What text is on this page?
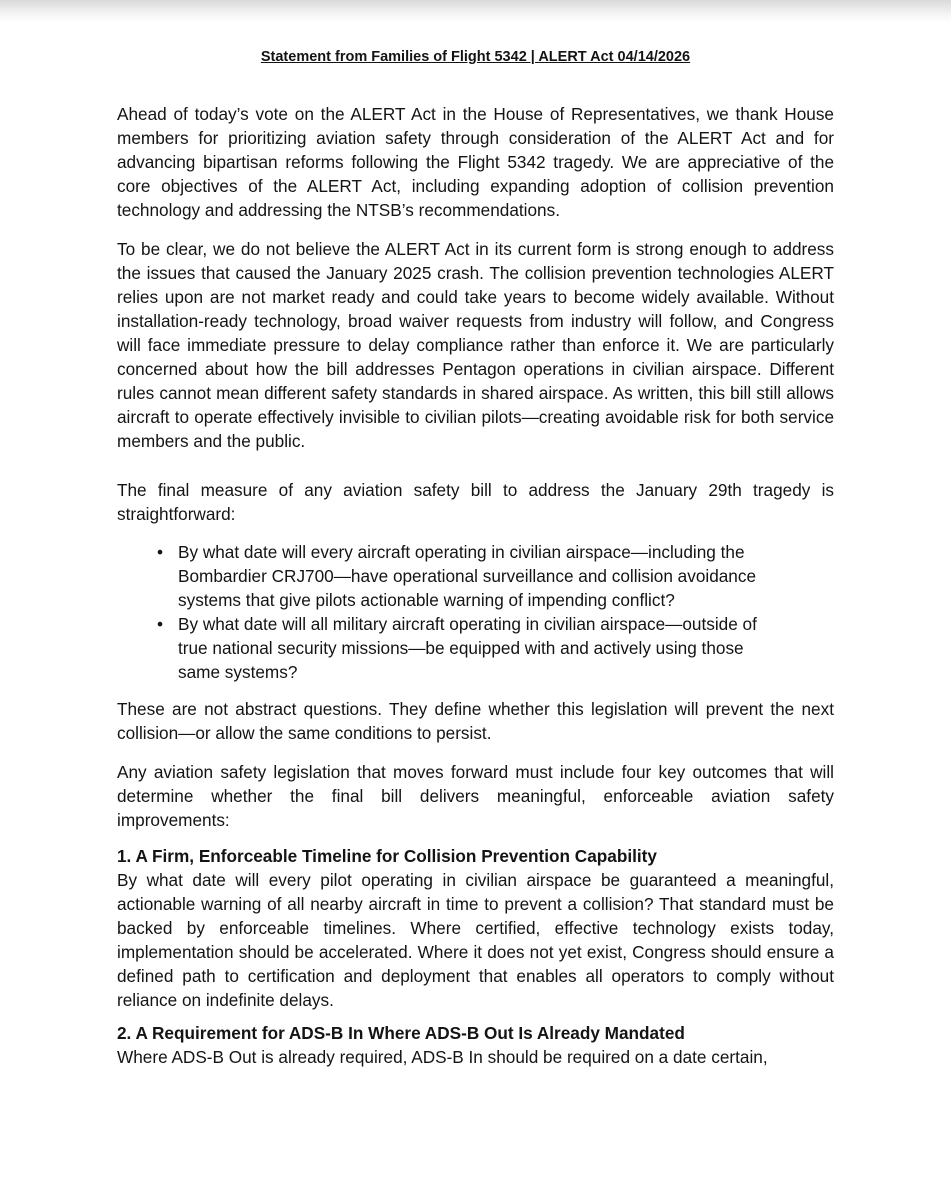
Statement from Families of Flight 5342 | ALERT Act 04/14/2026

Ahead of today’s vote on the ALERT Act in the House of Representatives, we thank House members for prioritizing aviation safety through consideration of the ALERT Act and for advancing bipartisan reforms following the Flight 5342 tragedy. We are appreciative of the core objectives of the ALERT Act, including expanding adoption of collision prevention technology and addressing the NTSB’s recommendations.

To be clear, we do not believe the ALERT Act in its current form is strong enough to address the issues that caused the January 2025 crash. The collision prevention technologies ALERT relies upon are not market ready and could take years to become widely available. Without installation-ready technology, broad waiver requests from industry will follow, and Congress will face immediate pressure to delay compliance rather than enforce it. We are particularly concerned about how the bill addresses Pentagon operations in civilian airspace. Different rules cannot mean different safety standards in shared airspace. As written, this bill still allows aircraft to operate effectively invisible to civilian pilots—creating avoidable risk for both service members and the public.

The final measure of any aviation safety bill to address the January 29th tragedy is straightforward:

• By what date will every aircraft operating in civilian airspace—including the Bombardier CRJ700—have operational surveillance and collision avoidance systems that give pilots actionable warning of impending conflict?
• By what date will all military aircraft operating in civilian airspace—outside of true national security missions—be equipped with and actively using those same systems?

These are not abstract questions. They define whether this legislation will prevent the next collision—or allow the same conditions to persist.

Any aviation safety legislation that moves forward must include four key outcomes that will determine whether the final bill delivers meaningful, enforceable aviation safety improvements:

1. A Firm, Enforceable Timeline for Collision Prevention Capability

By what date will every pilot operating in civilian airspace be guaranteed a meaningful, actionable warning of all nearby aircraft in time to prevent a collision? That standard must be backed by enforceable timelines. Where certified, effective technology exists today, implementation should be accelerated. Where it does not yet exist, Congress should ensure a defined path to certification and deployment that enables all operators to comply without reliance on indefinite delays.

2. A Requirement for ADS-B In Where ADS-B Out Is Already Mandated

Where ADS-B Out is already required, ADS-B In should be required on a date certain,
